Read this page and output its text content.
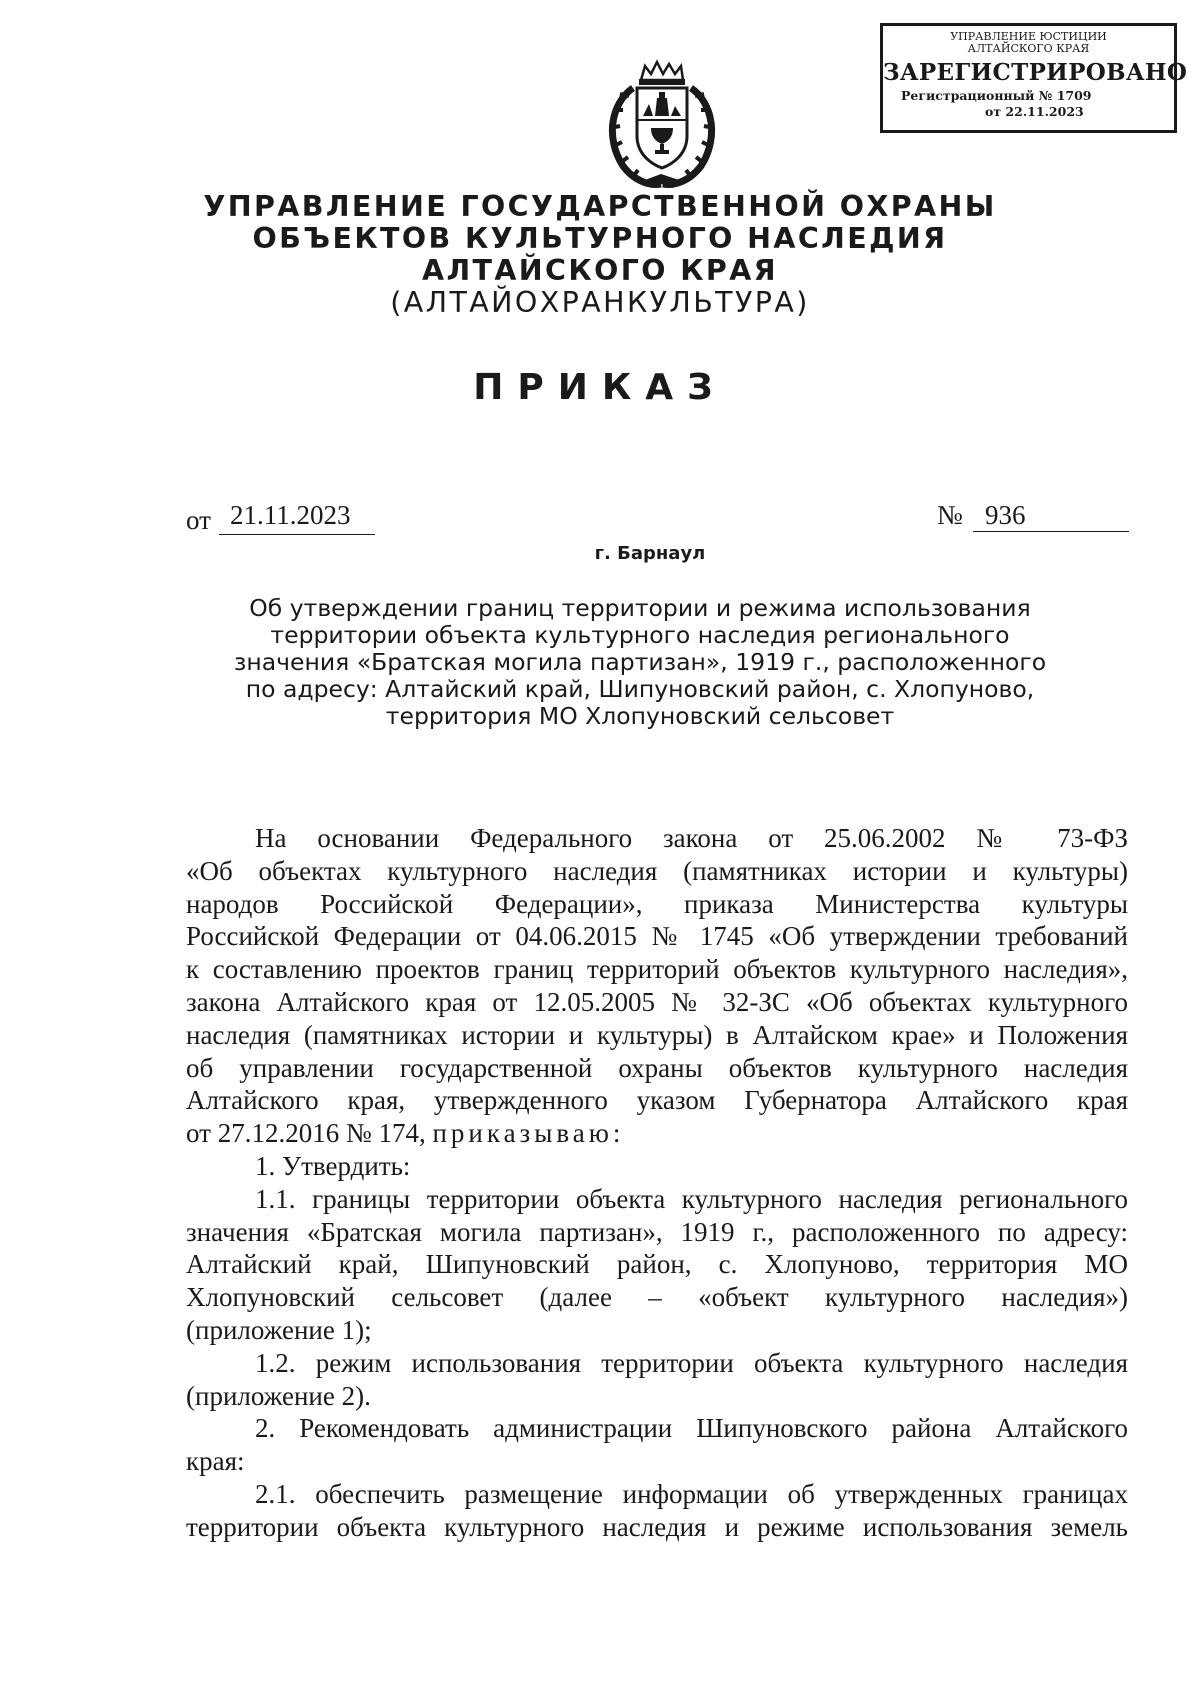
УПРАВЛЕНИЕ ЮСТИЦИИ
АЛТАЙСКОГО КРАЯ
ЗАРЕГИСТРИРОВАНО
Регистрационный № 1709
от 22.11.2023
УПРАВЛЕНИЕ ГОСУДАРСТВЕННОЙ ОХРАНЫ
ОБЪЕКТОВ КУЛЬТУРНОГО НАСЛЕДИЯ
АЛТАЙСКОГО КРАЯ
(АЛТАЙОХРАНКУЛЬТУРА)
ПРИКАЗ
от 21.11.2023	№ 936
г. Барнаул
Об утверждении границ территории и режима использования
территории объекта культурного наследия регионального
значения «Братская могила партизан», 1919 г., расположенного
по адресу: Алтайский край, Шипуновский район, с. Хлопуново,
территория МО Хлопуновский сельсовет

На основании Федерального закона от 25.06.2002 № 73-ФЗ

«Об объектах культурного наследия (памятниках истории и культуры)

народов Российской Федерации», приказа Министерства культуры

Российской Федерации от 04.06.2015 № 1745 «Об утверждении требований

к составлению проектов границ территорий объектов культурного наследия»,

закона Алтайского края от 12.05.2005 № 32-ЗС «Об объектах культурного

наследия (памятниках истории и культуры) в Алтайском крае» и Положения

об управлении государственной охраны объектов культурного наследия

Алтайского края, утвержденного указом Губернатора Алтайского края

от 27.12.2016 № 174, приказываю:

1. Утвердить:

1.1. границы территории объекта культурного наследия регионального

значения «Братская могила партизан», 1919 г., расположенного по адресу:

Алтайский край, Шипуновский район, с. Хлопуново, территория МО

Хлопуновский сельсовет (далее – «объект культурного наследия»)

(приложение 1);

1.2. режим использования территории объекта культурного наследия

(приложение 2).

2. Рекомендовать администрации Шипуновского района Алтайского

края:

2.1. обеспечить размещение информации об утвержденных границах

территории объекта культурного наследия и режиме использования земель
